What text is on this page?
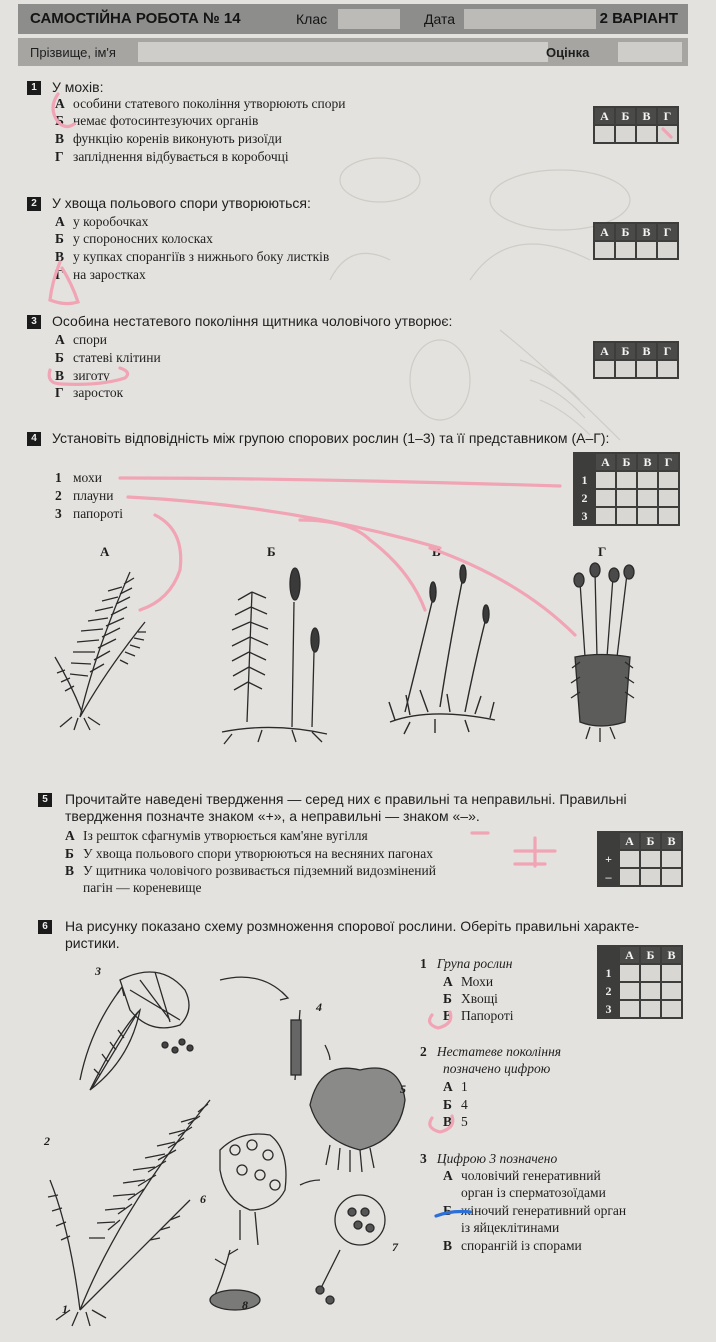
САМОСТІЙНА РОБОТА № 14	Клас	Дата	2 ВАРІАНТ
Прізвище, ім'я	Оцінка
1	У мохів:
А особини статевого покоління утворюють спори
Б немає фотосинтезуючих органів
В функцію коренів виконують ризоїди
Г запліднення відбувається в коробочці
А	Б	В	Г

2	У хвоща польового спори утворюються:
А у коробочках
Б у спороносних колосках
В у купках спорангіїв з нижнього боку листків
Г на заростках
А	Б	В	Г

3	Особина нестатевого покоління щитника чоловічого утворює:
А спори
Б статеві клітини
В зиготу
Г заросток
А	Б	В	Г

4	Установіть відповідність між групою спорових рослин (1–3) та її представником (А–Г):
1 мохи
2 плауни
3 папороті
	А	Б	В	Г
1				
2				
3				
А	Б	В	Г
5	Прочитайте наведені твердження — серед них є правильні та неправильні. Правильні
твердження позначте знаком «+», а неправильні — знаком «–».
А Із решток сфагнумів утворюється кам'яне вугілля
Б У хвоща польового спори утворюються на весняних пагонах
В У щитника чоловічого розвивається підземний видозмінений
пагін — кореневище
	А	Б	В
+			
–			
6	На рисунку показано схему розмноження спорової рослини. Оберіть правильні характе-
ристики.
	А	Б	В
1			
2			
3			
1 Група рослин
А Мохи
Б Хвощі
В Папороті
2 Нестатеве покоління
позначено цифрою
А 1
Б 4
В 5
3 Цифрою 3 позначено
А чоловічий генеративний
орган із сперматозоїдами
Б жіночий генеративний орган
із яйцеклітинами
В спорангій із спорами
3
4
5
2
6
7
8
1
